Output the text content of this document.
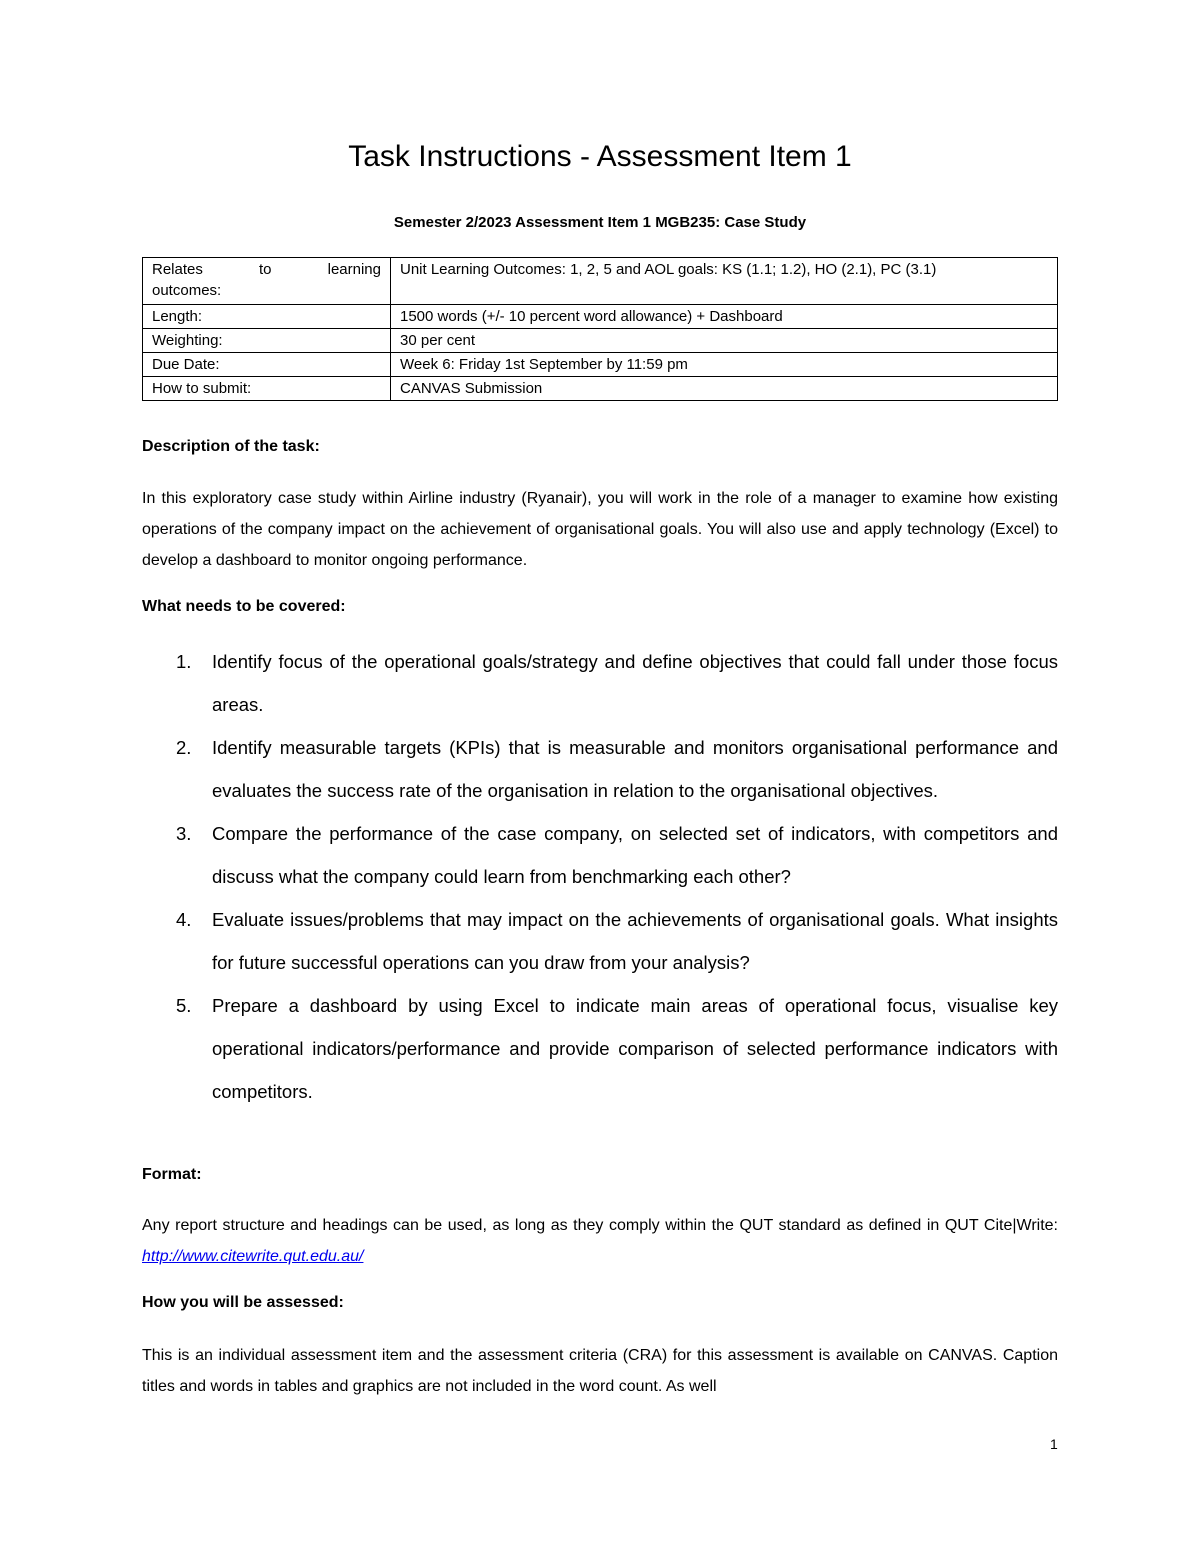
Task Instructions - Assessment Item 1
Semester 2/2023 Assessment Item 1 MGB235: Case Study
Relates to learning
outcomes:	Unit Learning Outcomes: 1, 2, 5 and AOL goals: KS (1.1; 1.2), HO (2.1), PC (3.1)
Length:	1500 words (+/- 10 percent word allowance) + Dashboard
Weighting:	30 per cent
Due Date:	Week 6: Friday 1st September by 11:59 pm
How to submit:	CANVAS Submission
Description of the task:
In this exploratory case study within Airline industry (Ryanair), you will work in the role of a manager to examine how existing operations of the company impact on the achievement of organisational goals. You will also use and apply technology (Excel) to develop a dashboard to monitor ongoing performance.
What needs to be covered:
1. Identify focus of the operational goals/strategy and define objectives that could fall under those focus areas.
2. Identify measurable targets (KPIs) that is measurable and monitors organisational performance and evaluates the success rate of the organisation in relation to the organisational objectives.
3. Compare the performance of the case company, on selected set of indicators, with competitors and discuss what the company could learn from benchmarking each other?
4. Evaluate issues/problems that may impact on the achievements of organisational goals. What insights for future successful operations can you draw from your analysis?
5. Prepare a dashboard by using Excel to indicate main areas of operational focus, visualise key operational indicators/performance and provide comparison of selected performance indicators with competitors.
Format:
Any report structure and headings can be used, as long as they comply within the QUT standard as defined in QUT Cite|Write: http://www.citewrite.qut.edu.au/
How you will be assessed:
This is an individual assessment item and the assessment criteria (CRA) for this assessment is available on CANVAS. Caption titles and words in tables and graphics are not included in the word count. As well
1
